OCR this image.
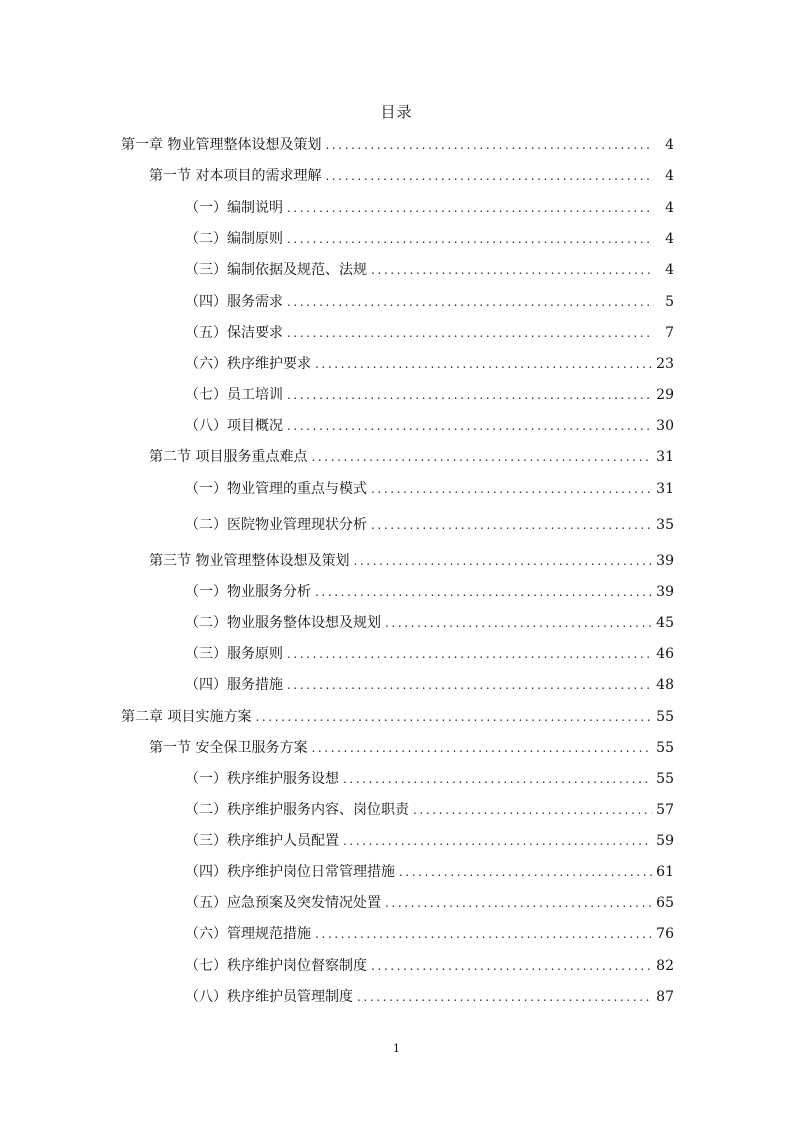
目录
第一章 物业管理整体设想及策划 .....	4
第一节 对本项目的需求理解 .....	4
（一）编制说明 .....	4
（二）编制原则 .....	4
（三）编制依据及规范、法规 .....	4
（四）服务需求 .....	5
（五）保洁要求 .....	7
（六）秩序维护要求 .....	23
（七）员工培训 .....	29
（八）项目概况 .....	30
第二节 项目服务重点难点 .....	31
（一）物业管理的重点与模式 .....	31
（二）医院物业管理现状分析 .....	35
第三节 物业管理整体设想及策划 .....	39
（一）物业服务分析 .....	39
（二）物业服务整体设想及规划 .....	45
（三）服务原则 .....	46
（四）服务措施 .....	48
第二章 项目实施方案 .....	55
第一节 安全保卫服务方案 .....	55
（一）秩序维护服务设想 .....	55
（二）秩序维护服务内容、岗位职责 .....	57
（三）秩序维护人员配置 .....	59
（四）秩序维护岗位日常管理措施 .....	61
（五）应急预案及突发情况处置 .....	65
（六）管理规范措施 .....	76
（七）秩序维护岗位督察制度 .....	82
（八）秩序维护员管理制度 .....	87
1
